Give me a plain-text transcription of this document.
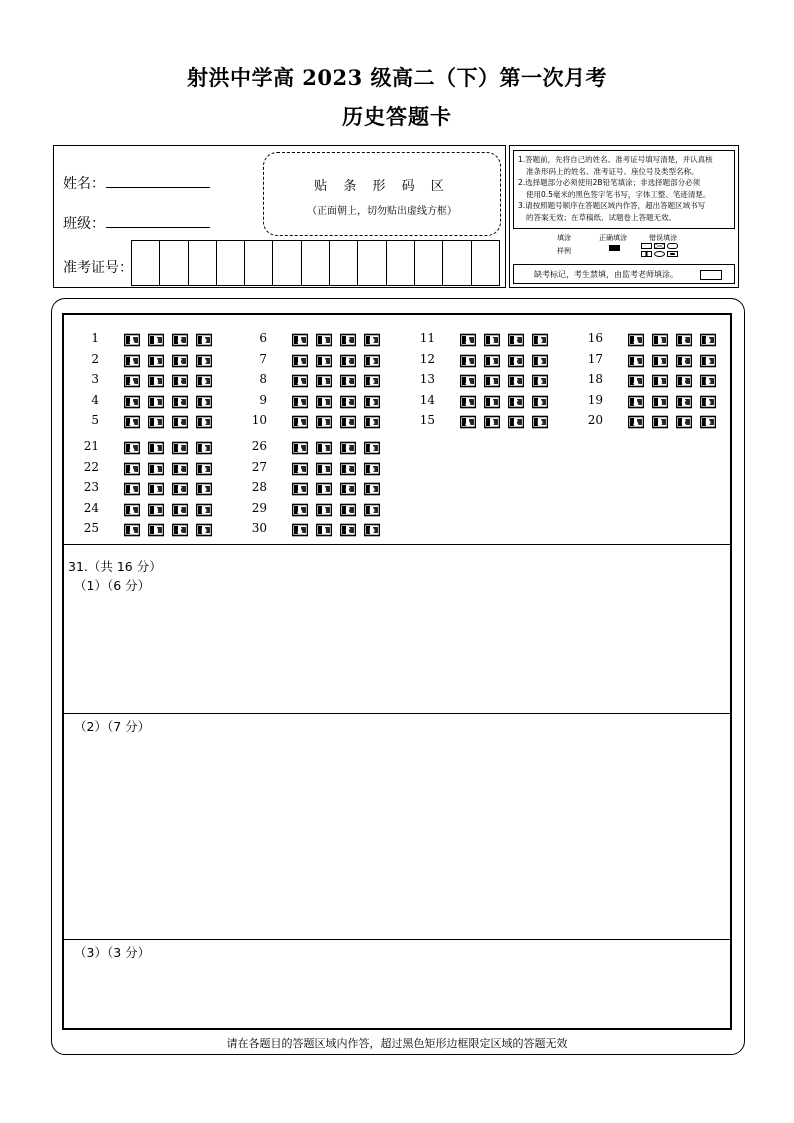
射洪中学高 2023 级高二（下）第一次月考
历史答题卡
姓名：
班级：
准考证号：
贴 条 形 码 区
（正面朝上，切勿贴出虚线方框）
1.答题前，先将自己的姓名、准考证号填写清楚，并认真核
准条形码上的姓名、准考证号、座位号及类型名称。
2.选择题部分必须使用2B铅笔填涂；非选择题部分必须
使用0.5毫米的黑色签字笔书写，字体工整、笔迹清楚。
3.请按照题号顺序在答题区域内作答，超出答题区域书写
的答案无效；在草稿纸、试题卷上答题无效。
填涂
样例
正确填涂	错误填涂

缺考标记，考生禁填，由监考老师填涂。
1	A	B	C	D
2	A	B	C	D
3	A	B	C	D
4	A	B	C	D
5	A	B	C	D
6	A	B	C	D
7	A	B	C	D
8	A	B	C	D
9	A	B	C	D
10	A	B	C	D
11	A	B	C	D
12	A	B	C	D
13	A	B	C	D
14	A	B	C	D
15	A	B	C	D
16	A	B	C	D
17	A	B	C	D
18	A	B	C	D
19	A	B	C	D
20	A	B	C	D
21	A	B	C	D
22	A	B	C	D
23	A	B	C	D
24	A	B	C	D
25	A	B	C	D
26	A	B	C	D
27	A	B	C	D
28	A	B	C	D
29	A	B	C	D
30	A	B	C	D
31.（共 16 分）
（1）（6 分）
（2）（7 分）
（3）（3 分）
请在各题目的答题区域内作答，超过黑色矩形边框限定区域的答题无效
